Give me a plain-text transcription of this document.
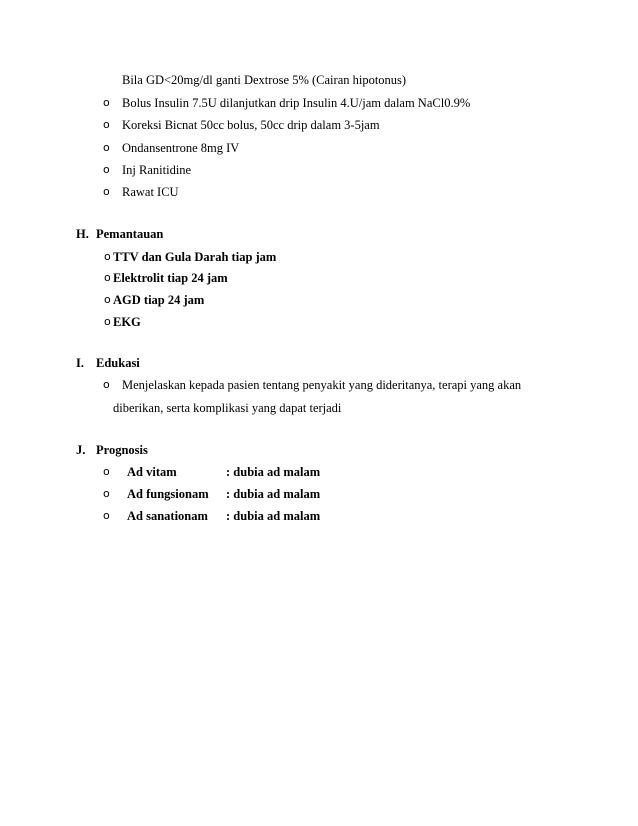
Bila GD<20mg/dl ganti Dextrose 5% (Cairan hipotonus)
o Bolus Insulin 7.5U dilanjutkan drip Insulin 4.U/jam dalam NaCl0.9%
o Koreksi Bicnat 50cc bolus, 50cc drip dalam 3-5jam
o Ondansentrone 8mg IV
o Inj Ranitidine
o Rawat ICU
H. Pemantauan
o TTV dan Gula Darah tiap jam
o Elektrolit tiap 24 jam
o AGD tiap 24 jam
o EKG
I. Edukasi
o Menjelaskan kepada pasien tentang penyakit yang dideritanya, terapi yang akan
diberikan, serta komplikasi yang dapat terjadi
J. Prognosis
o Ad vitam	: dubia ad malam
o Ad fungsionam : dubia ad malam
o Ad sanationam : dubia ad malam
